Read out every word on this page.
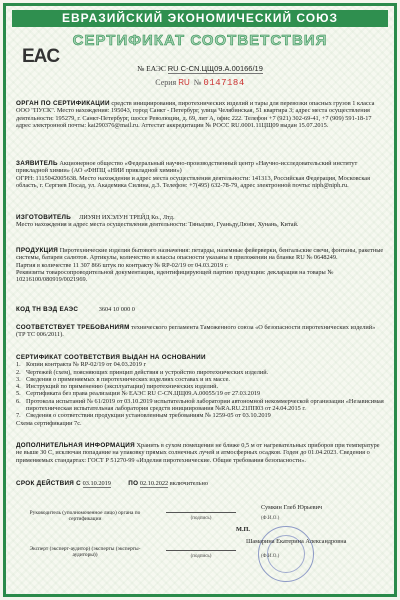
ЕВРАЗИЙСКИЙ ЭКОНОМИЧЕСКИЙ СОЮЗ
EAC
СЕРТИФИКАТ СООТВЕТСТВИЯ
№ ЕАЭС RU C-CN.ЦЩ09.А.00166/19
Серия RU № 0147184
ОРГАН ПО СЕРТИФИКАЦИИ средств инициирования, пиротехнических изделий и тары для перевозки опасных грузов 1 класса ООО "ПУСК". Место нахождения: 195043, город Санкт - Петербург, улица Челябинская, 51 квартира 3; адрес места осуществления деятельности: 195279, г. Санкт-Петербург, шоссе Революции, д. 69, лит А, офис 222. Телефон +7 (921) 302-69-41, +7 (909) 591-18-17 адрес электронной почты: kai290376@mail.ru. Аттестат аккредитации № РОСС RU.0001.11ЦЩ09 выдан 15.07.2015.
ЗАЯВИТЕЛЬ Акционерное общество «Федеральный научно-производственный центр «Научно-исследовательский институт прикладной химии» (АО «ФНПЦ «НИИ прикладной химии»)
ОГРН: 1115042005638. Место нахождения и адрес места осуществления деятельности: 141313, Российская Федерация, Московская область, г. Сергиев Посад, ул. Академика Силина, д.3. Телефон: +7(495) 632-78-79, адрес электронной почты: niph@niph.ru.
ИЗГОТОВИТЕЛЬ ЛИУЯН ИХЭЛУН ТРЕЙД Ко., Лтд.
Место нахождения и адрес места осуществления деятельности: Тяньцзво, Гуаньду,Люян, Хунань, Китай.
ПРОДУКЦИЯ Пиротехнические изделия бытового назначения: петарды, наземные фейерверки, бенгальские свечи, фонтаны, ракетные системы, батареи салютов. Артикулы, количество и классы опасности указаны в приложении на бланке RU № 0648249.
Партия в количестве 11 307 866 штук по контракту № RP-02/19 от 04.03.2019 г.
Реквизиты товаросопроводительной документации, идентифицирующей партию продукции: декларация на товары № 10216100/080919/0021969.
КОД ТН ВЭД ЕАЭС	3604 10 000 0
СООТВЕТСТВУЕТ ТРЕБОВАНИЯМ технического регламента Таможенного союза «О безопасности пиротехнических изделий» (ТР ТС 006/2011).
СЕРТИФИКАТ СООТВЕТСТВИЯ ВЫДАН НА ОСНОВАНИИ
1. Копии контракта № RP-02/19 от 04.03.2019 г
2. Чертежей (схем), поясняющих принцип действия и устройство пиротехнических изделий.
3. Сведения о применяемых в пиротехнических изделиях составах и их массе.
4. Инструкций по применению (эксплуатации) пиротехнических изделий.
5. Сертификата без права реализации № ЕАЭС RU C-CN.ЦЩ09.А.00055/19 от 27.03.2019
6. Протокола испытаний № 61/2019 от 03.10.2019 испытательной лаборатории автономной некоммерческой организации «Независимая пиротехническая испытательная лаборатория средств инициирования №RA.RU.21ПП03 от 24.04.2015 г.
7. Сведения о соответствии продукции установленным требованиям № 1259-05 от 03.10.2019
Схема сертификации 7с.
ДОПОЛНИТЕЛЬНАЯ ИНФОРМАЦИЯ Хранить в сухом помещении не ближе 0,5 м от нагревательных приборов при температуре не выше 30 С, исключая попадание на упаковку прямых солнечных лучей и атмосферных осадков. Годен до 01.04.2023. Сведения о применяемых стандартах: ГОСТ Р 51270-99 «Изделия пиротехнические. Общие требования безопасности».
СРОК ДЕЙСТВИЯ С 03.10.2019	ПО 02.10.2022 включительно
Руководитель (уполномоченное лицо) органа по сертификации	(подпись)
Сумкин Глеб Юрьевич
(Ф.И.О.)
М.П.
Эксперт (эксперт-аудитор) (эксперты (эксперты-аудиторы))	(подпись)
Шамарина Екатерина Александровна
(Ф.И.О.)
